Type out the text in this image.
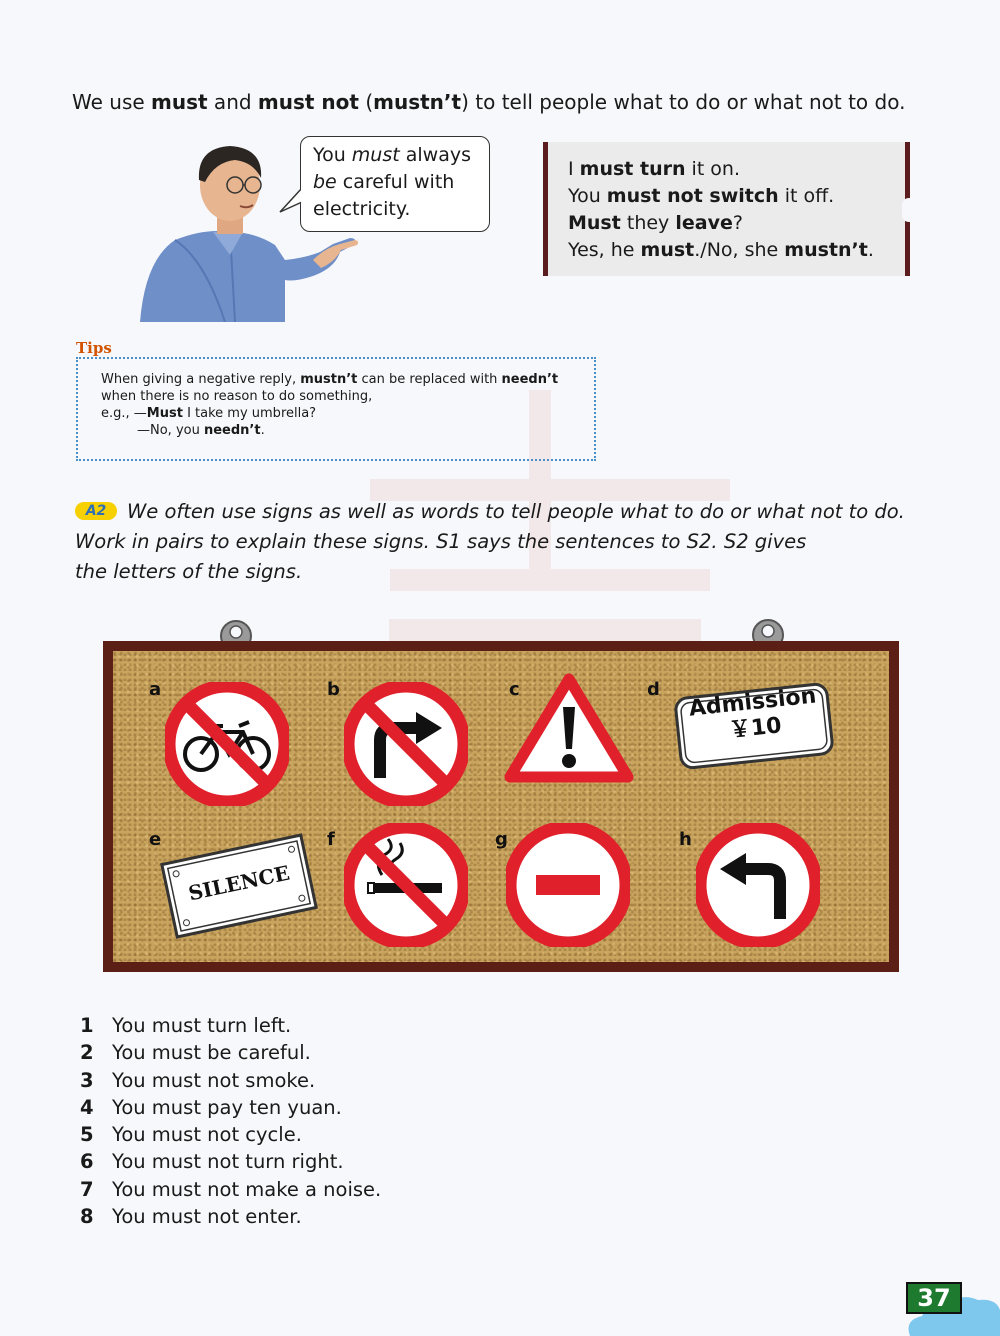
We use must and must not (mustn’t) to tell people what to do or what not to do.
You must always
be careful with
electricity.
I must turn it on.
You must not switch it off.
Must they leave?
Yes, he must./No, she mustn’t.
Tips
When giving a negative reply, mustn’t can be replaced with needn’t
when there is no reason to do something,
e.g., —Must I take my umbrella?
—No, you needn’t.
We often use signs as well as words to tell people what to do or what not to do.
Work in pairs to explain these signs. S1 says the sentences to S2. S2 gives
the letters of the signs.
A2
a	b	c	d
e	f	g	h
Admission
￥10
SILENCE
1 You must turn left.
2 You must be careful.
3 You must not smoke.
4 You must pay ten yuan.
5 You must not cycle.
6 You must not turn right.
7 You must not make a noise.
8 You must not enter.
37
